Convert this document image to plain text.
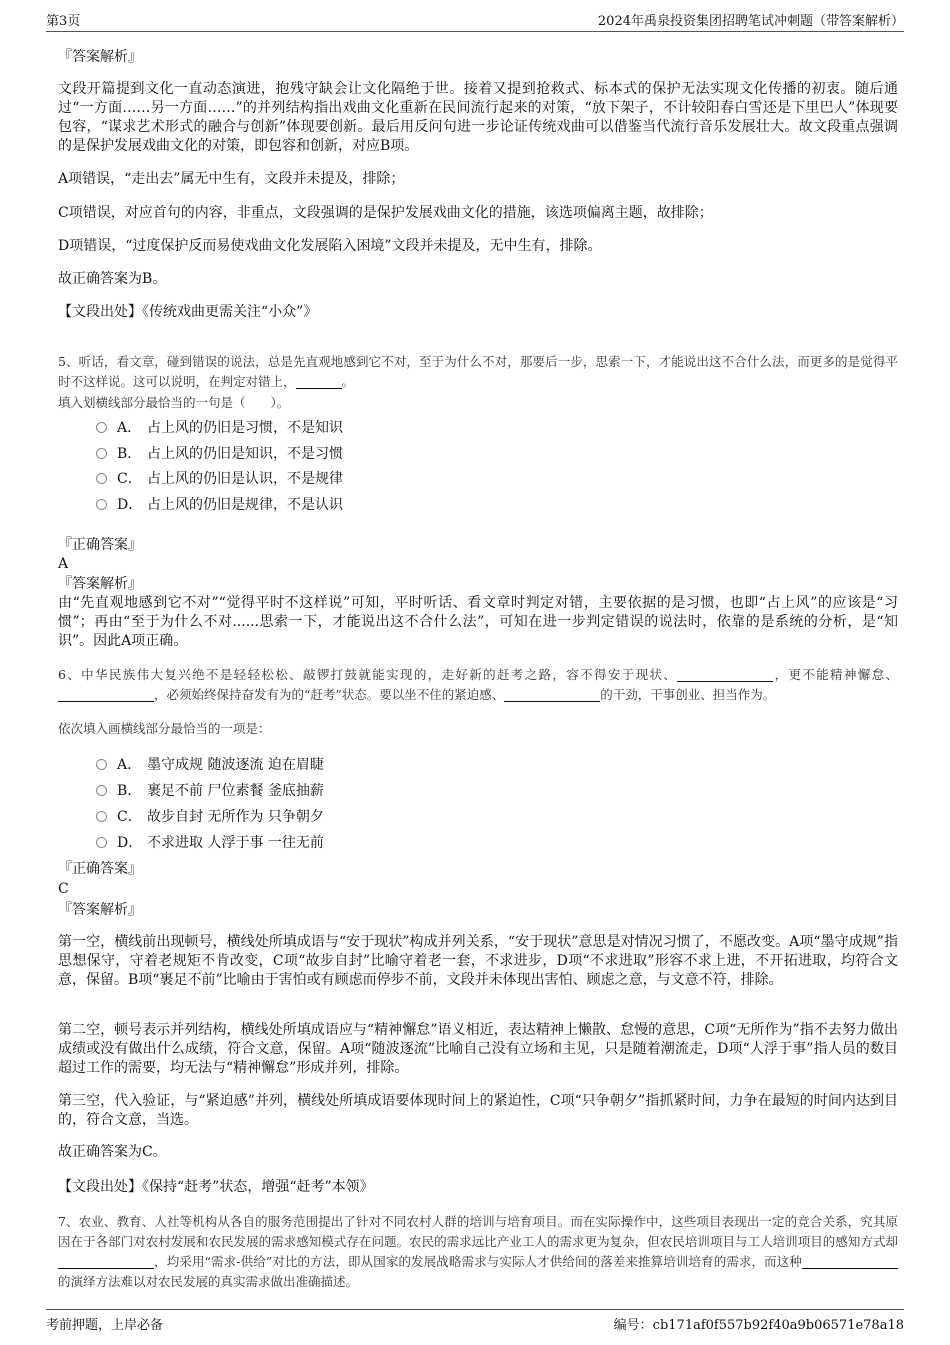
第3页	2024年禹泉投资集团招聘笔试冲刺题（带答案解析）
『答案解析』
文段开篇提到文化一直动态演进，抱残守缺会让文化隔绝于世。接着又提到抢救式、标本式的保护无法实现文化传播的初衷。随后通过“一方面……另一方面……”的并列结构指出戏曲文化重新在民间流行起来的对策，“放下架子，不计较阳春白雪还是下里巴人”体现要包容，“谋求艺术形式的融合与创新”体现要创新。最后用反问句进一步论证传统戏曲可以借鉴当代流行音乐发展壮大。故文段重点强调的是保护发展戏曲文化的对策，即包容和创新，对应B项。
A项错误，“走出去”属无中生有，文段并未提及，排除；
C项错误，对应首句的内容，非重点，文段强调的是保护发展戏曲文化的措施，该选项偏离主题，故排除；
D项错误，“过度保护反而易使戏曲文化发展陷入困境”文段并未提及，无中生有，排除。
故正确答案为B。
【文段出处】《传统戏曲更需关注“小众”》
5、听话，看文章，碰到错误的说法，总是先直观地感到它不对，至于为什么不对，那要后一步，思索一下，才能说出这不合什么法，而更多的是觉得平时不这样说。这可以说明，在判定对错上，	。
填入划横线部分最恰当的一句是（　　）。
A． 占上风的仍旧是习惯，不是知识
B． 占上风的仍旧是知识，不是习惯
C． 占上风的仍旧是认识，不是规律
D． 占上风的仍旧是规律，不是认识
『正确答案』
A
『答案解析』
由“先直观地感到它不对”“觉得平时不这样说”可知，平时听话、看文章时判定对错，主要依据的是习惯，也即“占上风”的应该是“习惯”；再由“至于为什么不对......思索一下，才能说出这不合什么法”，可知在进一步判定错误的说法时，依靠的是系统的分析，是“知识”。因此A项正确。
6、中华民族伟大复兴绝不是轻轻松松、敲锣打鼓就能实现的，走好新的赶考之路，容不得安于现状、	，更不能精神懈怠、，必须始终保持奋发有为的“赶考”状态。要以坐不住的紧迫感、	的干劲，干事创业、担当作为。
依次填入画横线部分最恰当的一项是：
A． 墨守成规 随波逐流 迫在眉睫
B． 裹足不前 尸位素餐 釜底抽薪
C． 故步自封 无所作为 只争朝夕
D． 不求进取 人浮于事 一往无前
『正确答案』
C
『答案解析』
第一空，横线前出现顿号，横线处所填成语与“安于现状”构成并列关系，“安于现状”意思是对情况习惯了，不愿改变。A项“墨守成规”指思想保守，守着老规矩不肯改变，C项“故步自封”比喻守着老一套，不求进步，D项“不求进取”形容不求上进，不开拓进取，均符合文意，保留。B项“裹足不前”比喻由于害怕或有顾虑而停步不前，文段并未体现出害怕、顾虑之意，与文意不符，排除。
第二空，顿号表示并列结构，横线处所填成语应与“精神懈怠”语义相近，表达精神上懒散、怠慢的意思，C项“无所作为”指不去努力做出成绩或没有做出什么成绩，符合文意，保留。A项“随波逐流”比喻自己没有立场和主见，只是随着潮流走，D项“人浮于事”指人员的数目超过工作的需要，均无法与“精神懈怠”形成并列，排除。
第三空，代入验证，与“紧迫感”并列，横线处所填成语要体现时间上的紧迫性，C项“只争朝夕”指抓紧时间，力争在最短的时间内达到目的，符合文意，当选。
故正确答案为C。
【文段出处】《保持“赶考”状态，增强“赶考”本领》
7、农业、教育、人社等机构从各自的服务范围提出了针对不同农村人群的培训与培育项目。而在实际操作中，这些项目表现出一定的竞合关系，究其原因在于各部门对农村发展和农民发展的需求感知模式存在问题。农民的需求远比产业工人的需求更为复杂，但农民培训项目与工人培训项目的感知方式却，均采用“需求-供给”对比的方法，即从国家的发展战略需求与实际人才供给间的落差来推算培训培育的需求，而这种的演绎方法难以对农民发展的真实需求做出准确描述。
考前押题，上岸必备	编号：cb171af0f557b92f40a9b06571e78a18
